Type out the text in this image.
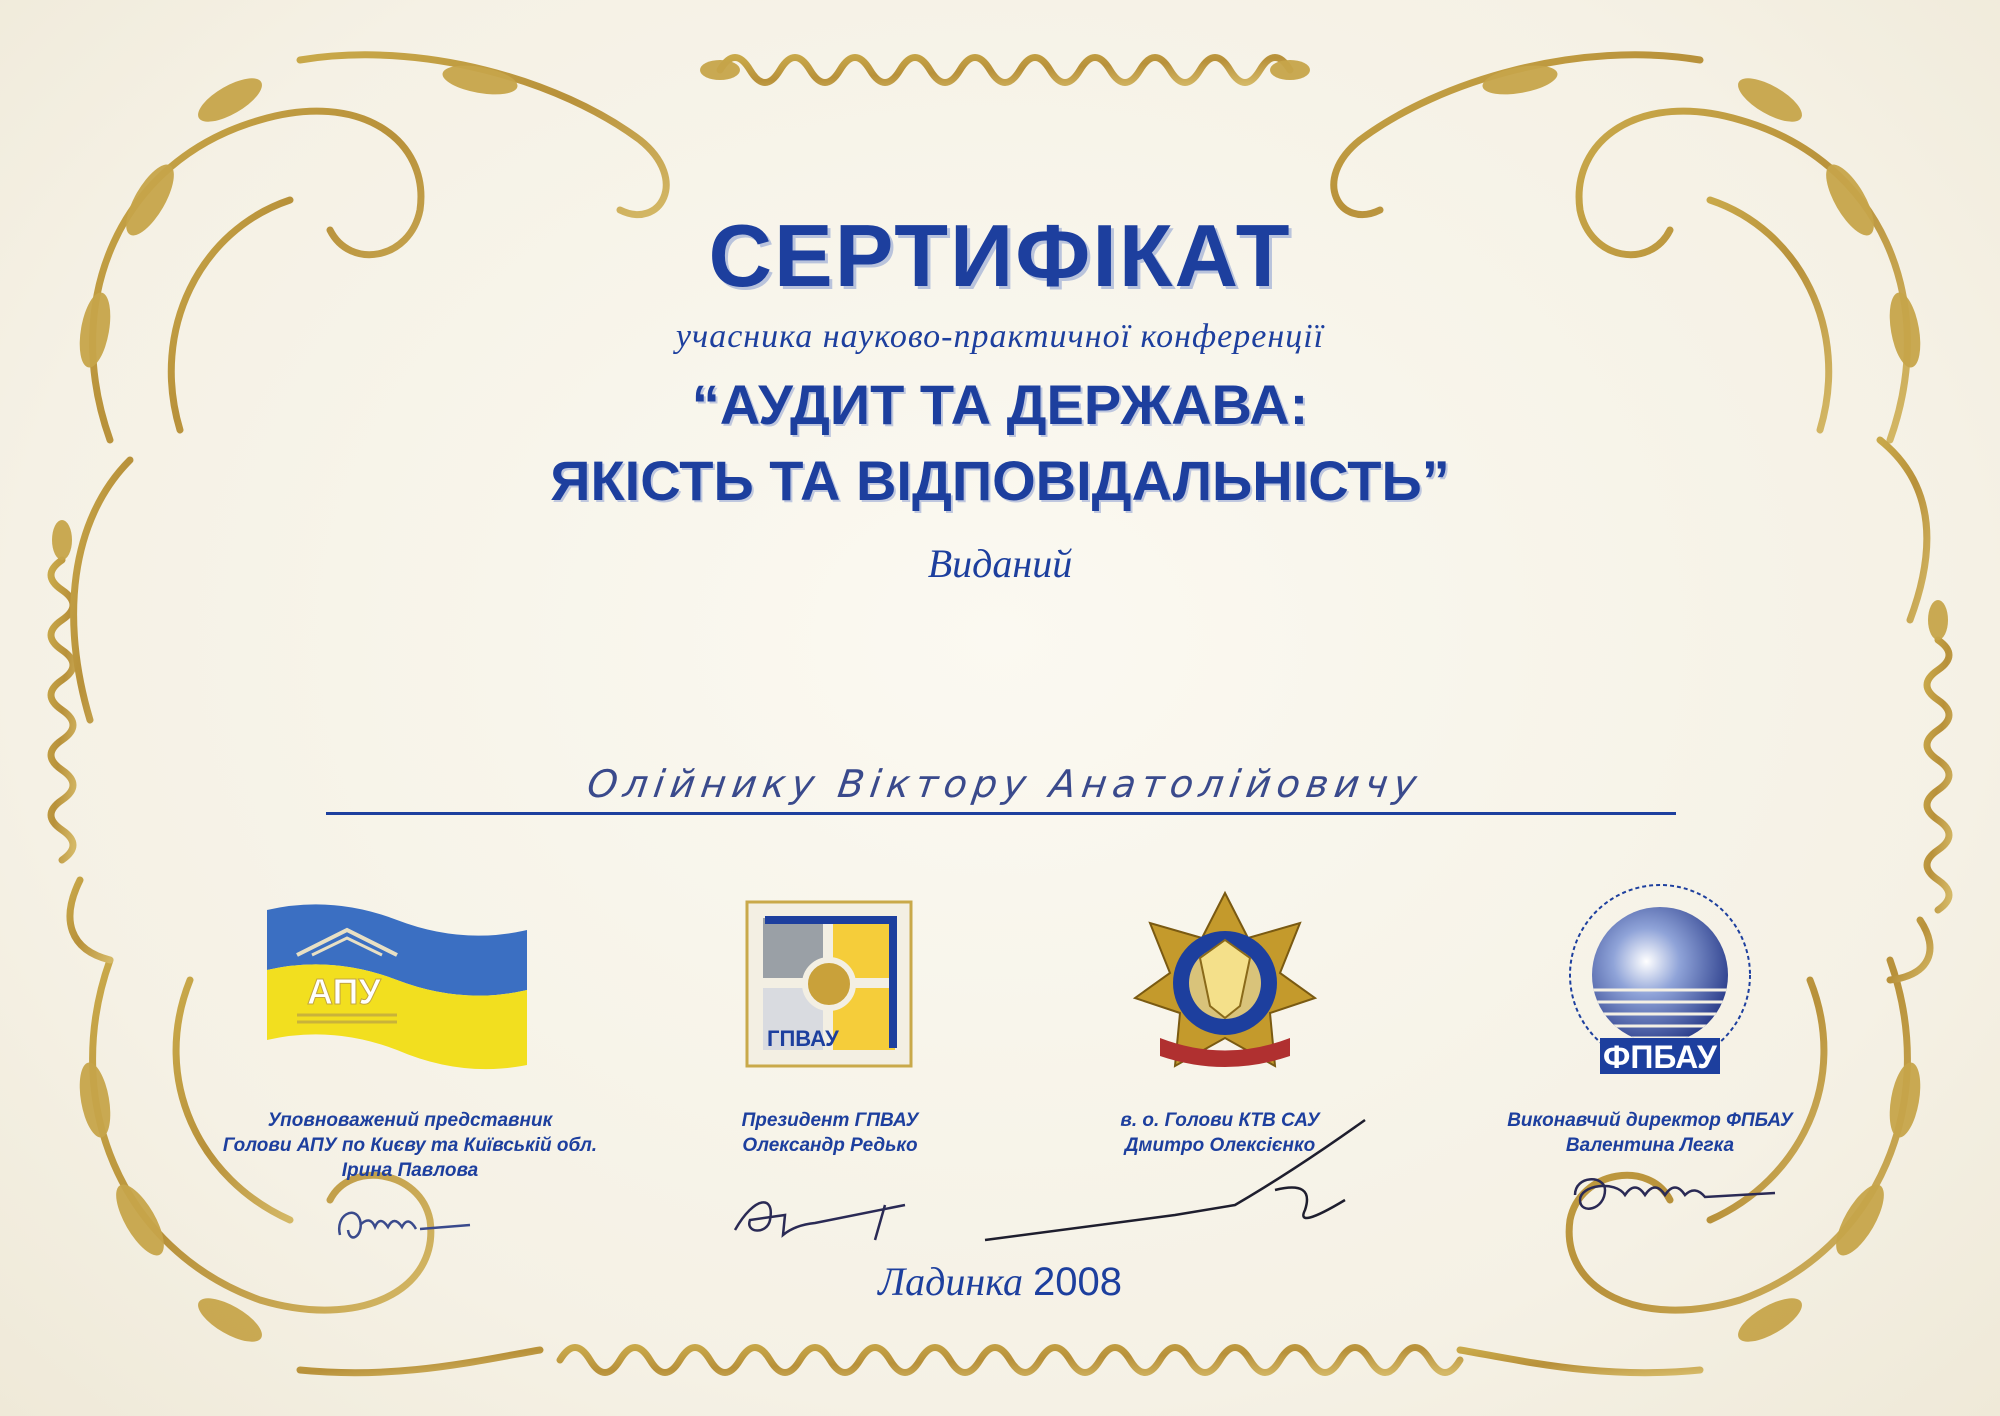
СЕРТИФІКАТ
учасника науково-практичної конференції
“АУДИТ ТА ДЕРЖАВА:
ЯКІСТЬ ТА ВІДПОВІДАЛЬНІСТЬ”
Виданий
Олійнику Віктору Анатолійовичу
АПУ
ГПВАУ
ФПБАУ
Уповноважений представник
Голови АПУ по Києву та Київській обл.
Ірина Павлова
Президент ГПВАУ
Олександр Редько
в. о. Голови КТВ САУ
Дмитро Олексієнко
Виконавчий директор ФПБАУ
Валентина Легка
Ладинка 2008
